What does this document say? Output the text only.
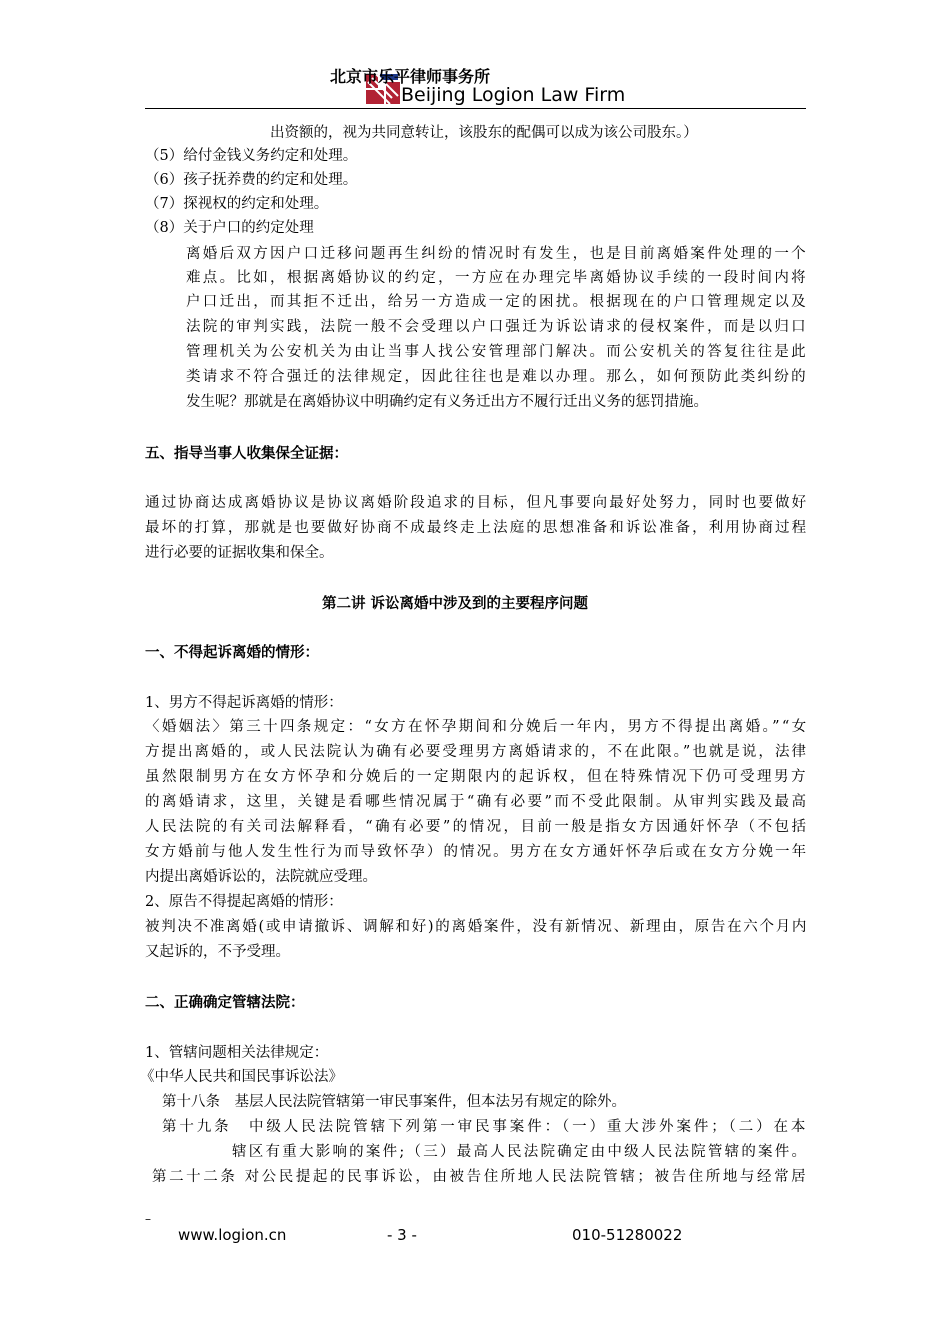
北京市乐平律师事务所
Beijing Logion Law Firm
出资额的，视为共同意转让，该股东的配偶可以成为该公司股东。）
（5）给付金钱义务约定和处理。
（6）孩子抚养费的约定和处理。
（7）探视权的约定和处理。
（8）关于户口的约定处理
离婚后双方因户口迁移问题再生纠纷的情况时有发生，也是目前离婚案件处理的一个
难点。比如，根据离婚协议的约定，一方应在办理完毕离婚协议手续的一段时间内将
户口迁出，而其拒不迁出，给另一方造成一定的困扰。根据现在的户口管理规定以及
法院的审判实践，法院一般不会受理以户口强迁为诉讼请求的侵权案件，而是以归口
管理机关为公安机关为由让当事人找公安管理部门解决。而公安机关的答复往往是此
类请求不符合强迁的法律规定，因此往往也是难以办理。那么，如何预防此类纠纷的
发生呢？那就是在离婚协议中明确约定有义务迁出方不履行迁出义务的惩罚措施。
五、指导当事人收集保全证据：
通过协商达成离婚协议是协议离婚阶段追求的目标，但凡事要向最好处努力，同时也要做好
最坏的打算，那就是也要做好协商不成最终走上法庭的思想准备和诉讼准备，利用协商过程
进行必要的证据收集和保全。
第二讲 诉讼离婚中涉及到的主要程序问题
一、不得起诉离婚的情形：
1、男方不得起诉离婚的情形：
〈婚姻法〉第三十四条规定：“女方在怀孕期间和分娩后一年内，男方不得提出离婚。”“女
方提出离婚的，或人民法院认为确有必要受理男方离婚请求的，不在此限。”也就是说，法律
虽然限制男方在女方怀孕和分娩后的一定期限内的起诉权，但在特殊情况下仍可受理男方
的离婚请求，这里，关键是看哪些情况属于“确有必要”而不受此限制。从审判实践及最高
人民法院的有关司法解释看，“确有必要”的情况，目前一般是指女方因通奸怀孕（不包括
女方婚前与他人发生性行为而导致怀孕）的情况。男方在女方通奸怀孕后或在女方分娩一年
内提出离婚诉讼的，法院就应受理。
2、原告不得提起离婚的情形：
被判决不准离婚(或申请撤诉、调解和好)的离婚案件，没有新情况、新理由，原告在六个月内
又起诉的，不予受理。
二、正确确定管辖法院：
1、管辖问题相关法律规定：
《中华人民共和国民事诉讼法》
第十八条　基层人民法院管辖第一审民事案件，但本法另有规定的除外。
第十九条　中级人民法院管辖下列第一审民事案件：（一）重大涉外案件；（二）在本
辖区有重大影响的案件;（三）最高人民法院确定由中级人民法院管辖的案件。
第二十二条 对公民提起的民事诉讼，由被告住所地人民法院管辖；被告住所地与经常居
–
www.logion.cn	- 3 -	010-51280022
